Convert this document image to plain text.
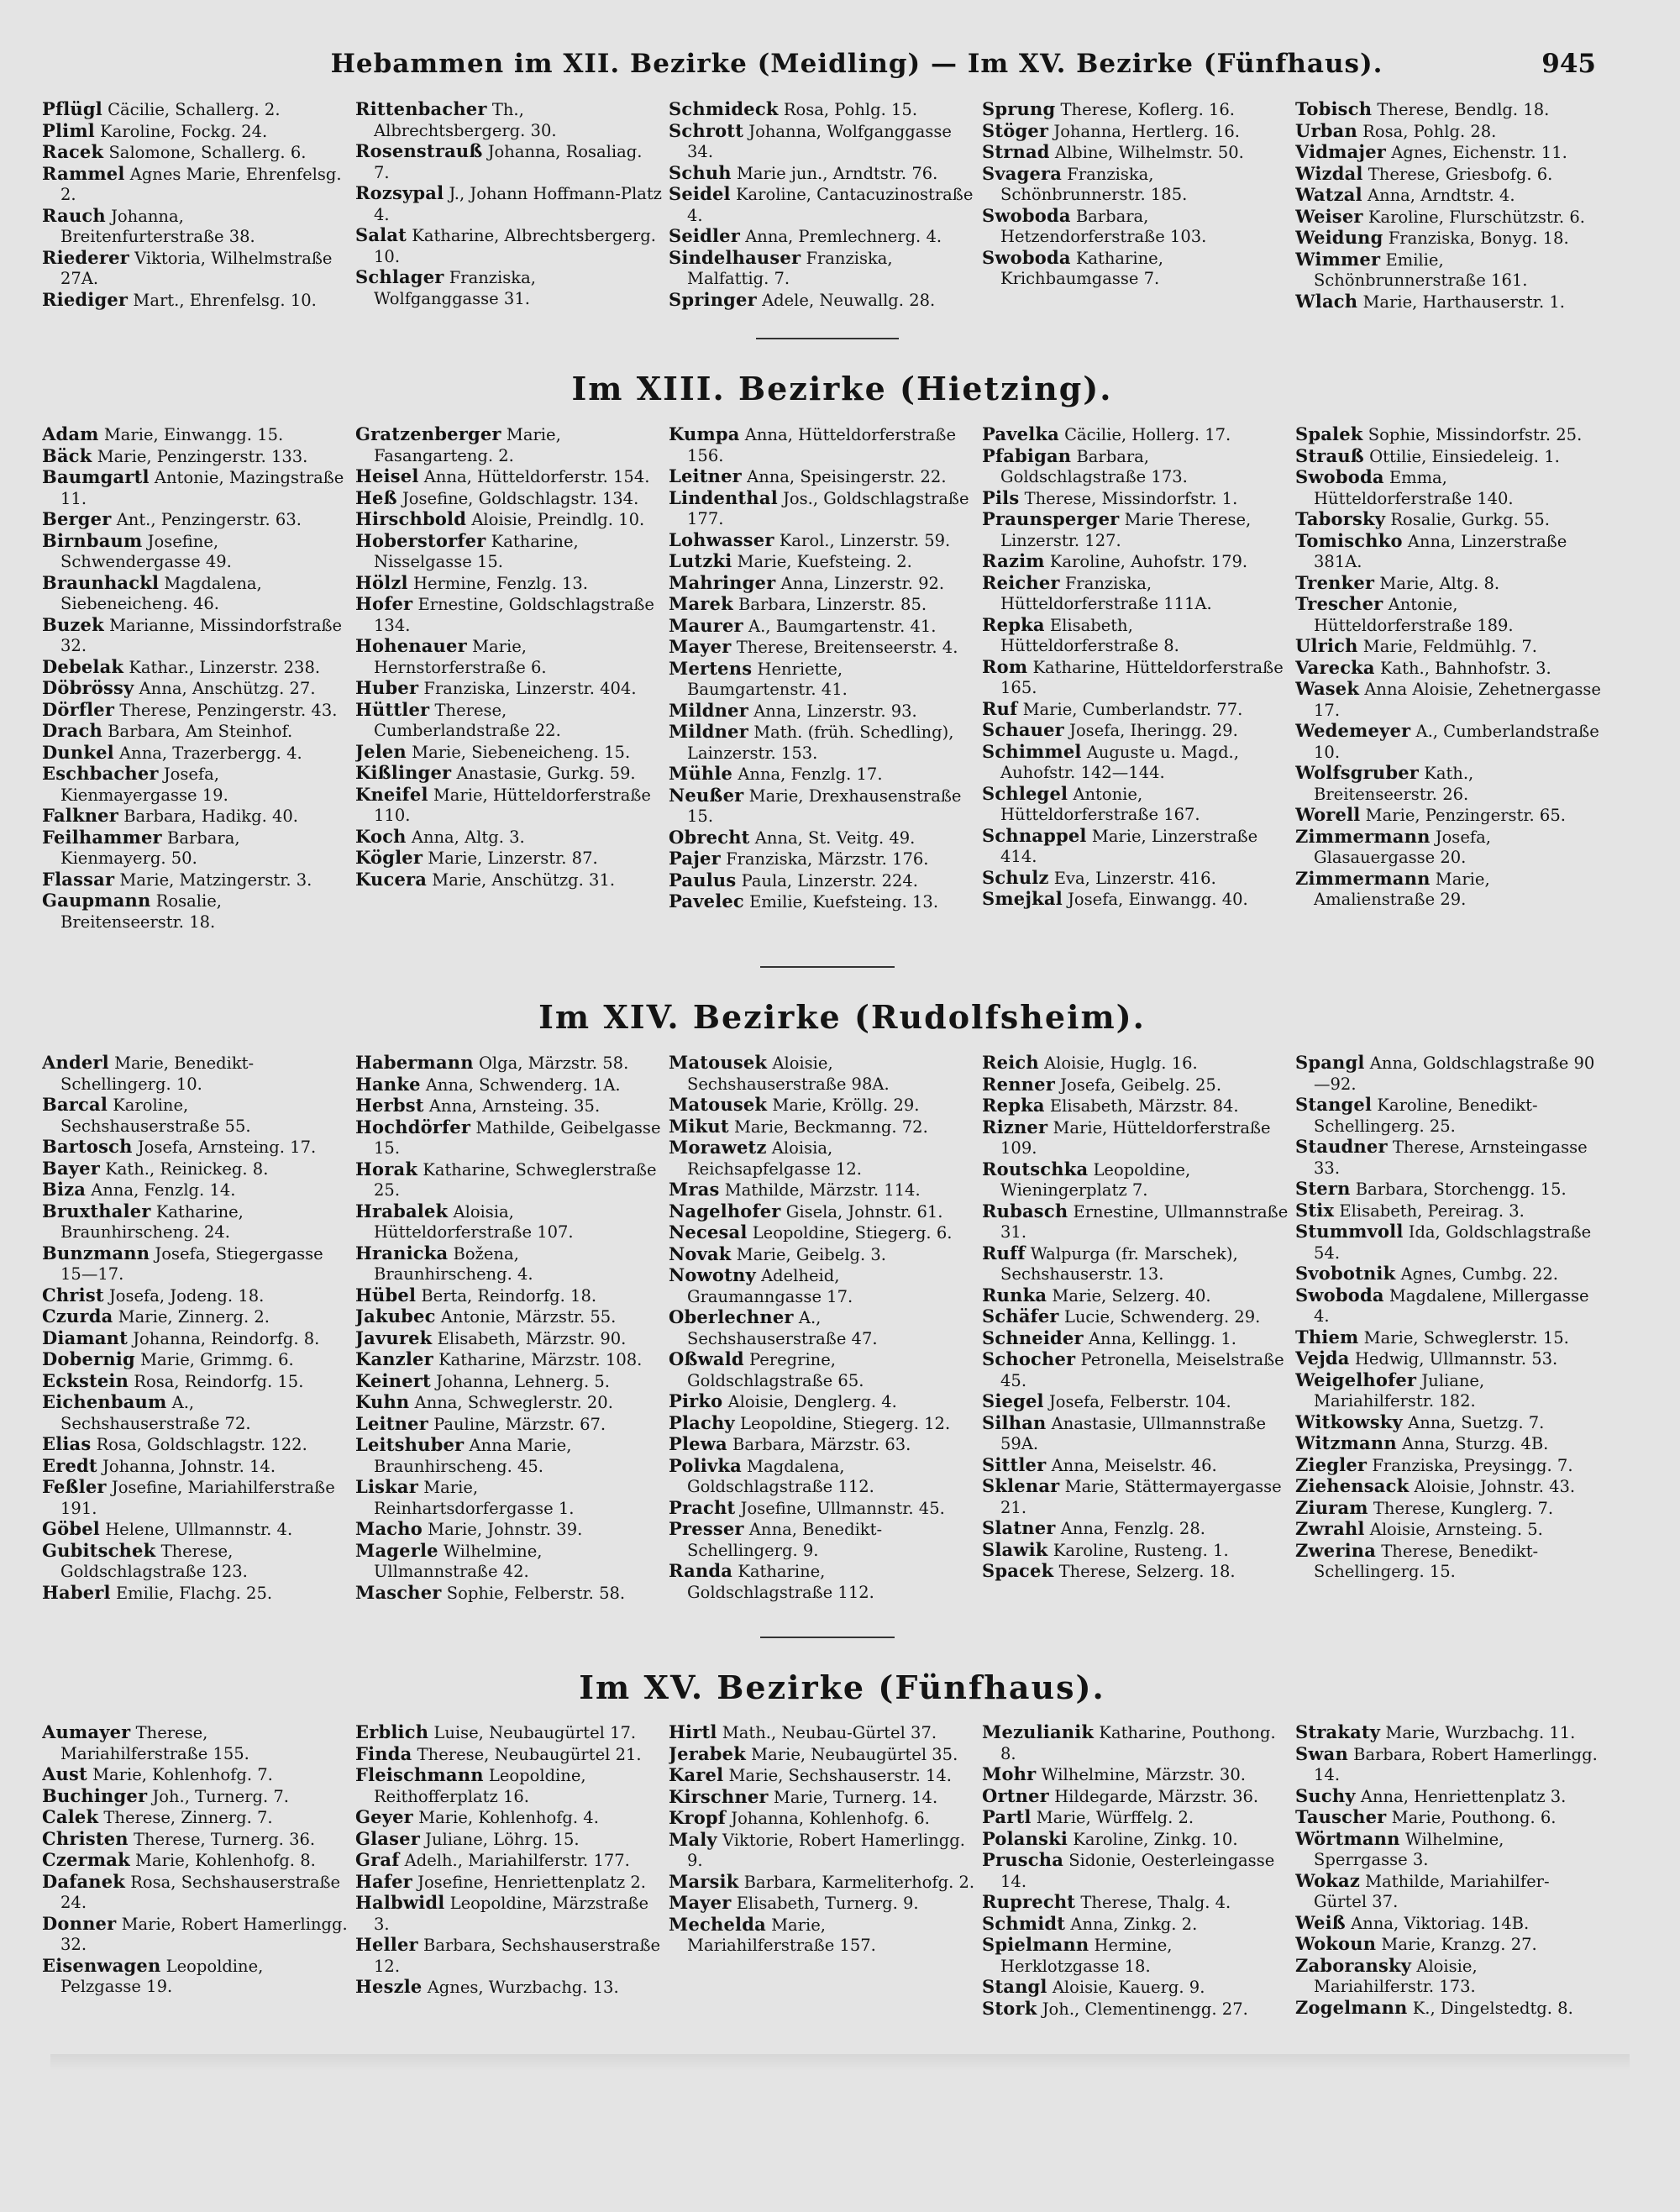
Hebammen im XII. Bezirke (Meidling) — Im XV. Bezirke (Fünfhaus).	945
Pflügl Cäcilie, Schallerg. 2.
Pliml Karoline, Fockg. 24.
Racek Salomone, Schallerg. 6.
Rammel Agnes Marie, Ehrenfelsg. 2.
Rauch Johanna, Breitenfurterstraße 38.
Riederer Viktoria, Wilhelmstraße 27A.
Riediger Mart., Ehrenfelsg. 10.
Rittenbacher Th., Albrechtsbergerg. 30.
Rosenstrauß Johanna, Rosaliag. 7.
Rozsypal J., Johann Hoffmann-Platz 4.
Salat Katharine, Albrechtsbergerg. 10.
Schlager Franziska, Wolfganggasse 31.
Schmideck Rosa, Pohlg. 15.
Schrott Johanna, Wolfganggasse 34.
Schuh Marie jun., Arndtstr. 76.
Seidel Karoline, Cantacuzinostraße 4.
Seidler Anna, Premlechnerg. 4.
Sindelhauser Franziska, Malfattig. 7.
Springer Adele, Neuwallg. 28.
Sprung Therese, Koflerg. 16.
Stöger Johanna, Hertlerg. 16.
Strnad Albine, Wilhelmstr. 50.
Svagera Franziska, Schönbrunnerstr. 185.
Swoboda Barbara, Hetzendorferstraße 103.
Swoboda Katharine, Krichbaumgasse 7.
Tobisch Therese, Bendlg. 18.
Urban Rosa, Pohlg. 28.
Vidmajer Agnes, Eichenstr. 11.
Wizdal Therese, Griesbofg. 6.
Watzal Anna, Arndtstr. 4.
Weiser Karoline, Flurschützstr. 6.
Weidung Franziska, Bonyg. 18.
Wimmer Emilie, Schönbrunnerstraße 161.
Wlach Marie, Harthauserstr. 1.
Im XIII. Bezirke (Hietzing).
Adam Marie, Einwangg. 15.
Bäck Marie, Penzingerstr. 133.
Baumgartl Antonie, Mazingstraße 11.
Berger Ant., Penzingerstr. 63.
Birnbaum Josefine, Schwendergasse 49.
Braunhackl Magdalena, Siebeneicheng. 46.
Buzek Marianne, Missindorfstraße 32.
Debelak Kathar., Linzerstr. 238.
Döbrössy Anna, Anschützg. 27.
Dörfler Therese, Penzingerstr. 43.
Drach Barbara, Am Steinhof.
Dunkel Anna, Trazerbergg. 4.
Eschbacher Josefa, Kienmayergasse 19.
Falkner Barbara, Hadikg. 40.
Feilhammer Barbara, Kienmayerg. 50.
Flassar Marie, Matzingerstr. 3.
Gaupmann Rosalie, Breitenseerstr. 18.
Gratzenberger Marie, Fasangarteng. 2.
Heisel Anna, Hütteldorferstr. 154.
Heß Josefine, Goldschlagstr. 134.
Hirschbold Aloisie, Preindlg. 10.
Hoberstorfer Katharine, Nisselgasse 15.
Hölzl Hermine, Fenzlg. 13.
Hofer Ernestine, Goldschlagstraße 134.
Hohenauer Marie, Hernstorferstraße 6.
Huber Franziska, Linzerstr. 404.
Hüttler Therese, Cumberlandstraße 22.
Jelen Marie, Siebeneicheng. 15.
Kißlinger Anastasie, Gurkg. 59.
Kneifel Marie, Hütteldorferstraße 110.
Koch Anna, Altg. 3.
Kögler Marie, Linzerstr. 87.
Kucera Marie, Anschützg. 31.
Kumpa Anna, Hütteldorferstraße 156.
Leitner Anna, Speisingerstr. 22.
Lindenthal Jos., Goldschlagstraße 177.
Lohwasser Karol., Linzerstr. 59.
Lutzki Marie, Kuefsteing. 2.
Mahringer Anna, Linzerstr. 92.
Marek Barbara, Linzerstr. 85.
Maurer A., Baumgartenstr. 41.
Mayer Therese, Breitenseerstr. 4.
Mertens Henriette, Baumgartenstr. 41.
Mildner Anna, Linzerstr. 93.
Mildner Math. (früh. Schedling), Lainzerstr. 153.
Mühle Anna, Fenzlg. 17.
Neußer Marie, Drexhausenstraße 15.
Obrecht Anna, St. Veitg. 49.
Pajer Franziska, Märzstr. 176.
Paulus Paula, Linzerstr. 224.
Pavelec Emilie, Kuefsteing. 13.
Pavelka Cäcilie, Hollerg. 17.
Pfabigan Barbara, Goldschlagstraße 173.
Pils Therese, Missindorfstr. 1.
Praunsperger Marie Therese, Linzerstr. 127.
Razim Karoline, Auhofstr. 179.
Reicher Franziska, Hütteldorferstraße 111A.
Repka Elisabeth, Hütteldorferstraße 8.
Rom Katharine, Hütteldorferstraße 165.
Ruf Marie, Cumberlandstr. 77.
Schauer Josefa, Iheringg. 29.
Schimmel Auguste u. Magd., Auhofstr. 142—144.
Schlegel Antonie, Hütteldorferstraße 167.
Schnappel Marie, Linzerstraße 414.
Schulz Eva, Linzerstr. 416.
Smejkal Josefa, Einwangg. 40.
Spalek Sophie, Missindorfstr. 25.
Strauß Ottilie, Einsiedeleig. 1.
Swoboda Emma, Hütteldorferstraße 140.
Taborsky Rosalie, Gurkg. 55.
Tomischko Anna, Linzerstraße 381A.
Trenker Marie, Altg. 8.
Trescher Antonie, Hütteldorferstraße 189.
Ulrich Marie, Feldmühlg. 7.
Varecka Kath., Bahnhofstr. 3.
Wasek Anna Aloisie, Zehetnergasse 17.
Wedemeyer A., Cumberlandstraße 10.
Wolfsgruber Kath., Breitenseerstr. 26.
Worell Marie, Penzingerstr. 65.
Zimmermann Josefa, Glasauergasse 20.
Zimmermann Marie, Amalienstraße 29.
Im XIV. Bezirke (Rudolfsheim).
Anderl Marie, Benedikt-Schellingerg. 10.
Barcal Karoline, Sechshauserstraße 55.
Bartosch Josefa, Arnsteing. 17.
Bayer Kath., Reinickeg. 8.
Biza Anna, Fenzlg. 14.
Bruxthaler Katharine, Braunhirscheng. 24.
Bunzmann Josefa, Stiegergasse 15—17.
Christ Josefa, Jodeng. 18.
Czurda Marie, Zinnerg. 2.
Diamant Johanna, Reindorfg. 8.
Dobernig Marie, Grimmg. 6.
Eckstein Rosa, Reindorfg. 15.
Eichenbaum A., Sechshauserstraße 72.
Elias Rosa, Goldschlagstr. 122.
Eredt Johanna, Johnstr. 14.
Feßler Josefine, Mariahilferstraße 191.
Göbel Helene, Ullmannstr. 4.
Gubitschek Therese, Goldschlagstraße 123.
Haberl Emilie, Flachg. 25.
Habermann Olga, Märzstr. 58.
Hanke Anna, Schwenderg. 1A.
Herbst Anna, Arnsteing. 35.
Hochdörfer Mathilde, Geibelgasse 15.
Horak Katharine, Schweglerstraße 25.
Hrabalek Aloisia, Hütteldorferstraße 107.
Hranicka Božena, Braunhirscheng. 4.
Hübel Berta, Reindorfg. 18.
Jakubec Antonie, Märzstr. 55.
Javurek Elisabeth, Märzstr. 90.
Kanzler Katharine, Märzstr. 108.
Keinert Johanna, Lehnerg. 5.
Kuhn Anna, Schweglerstr. 20.
Leitner Pauline, Märzstr. 67.
Leitshuber Anna Marie, Braunhirscheng. 45.
Liskar Marie, Reinhartsdorfergasse 1.
Macho Marie, Johnstr. 39.
Magerle Wilhelmine, Ullmannstraße 42.
Mascher Sophie, Felberstr. 58.
Matousek Aloisie, Sechshauserstraße 98A.
Matousek Marie, Kröllg. 29.
Mikut Marie, Beckmanng. 72.
Morawetz Aloisia, Reichsapfelgasse 12.
Mras Mathilde, Märzstr. 114.
Nagelhofer Gisela, Johnstr. 61.
Necesal Leopoldine, Stiegerg. 6.
Novak Marie, Geibelg. 3.
Nowotny Adelheid, Graumanngasse 17.
Oberlechner A., Sechshauserstraße 47.
Oßwald Peregrine, Goldschlagstraße 65.
Pirko Aloisie, Denglerg. 4.
Plachy Leopoldine, Stiegerg. 12.
Plewa Barbara, Märzstr. 63.
Polivka Magdalena, Goldschlagstraße 112.
Pracht Josefine, Ullmannstr. 45.
Presser Anna, Benedikt-Schellingerg. 9.
Randa Katharine, Goldschlagstraße 112.
Reich Aloisie, Huglg. 16.
Renner Josefa, Geibelg. 25.
Repka Elisabeth, Märzstr. 84.
Rizner Marie, Hütteldorferstraße 109.
Routschka Leopoldine, Wieningerplatz 7.
Rubasch Ernestine, Ullmannstraße 31.
Ruff Walpurga (fr. Marschek), Sechshauserstr. 13.
Runka Marie, Selzerg. 40.
Schäfer Lucie, Schwenderg. 29.
Schneider Anna, Kellingg. 1.
Schocher Petronella, Meiselstraße 45.
Siegel Josefa, Felberstr. 104.
Silhan Anastasie, Ullmannstraße 59A.
Sittler Anna, Meiselstr. 46.
Sklenar Marie, Stättermayergasse 21.
Slatner Anna, Fenzlg. 28.
Slawik Karoline, Rusteng. 1.
Spacek Therese, Selzerg. 18.
Spangl Anna, Goldschlagstraße 90—92.
Stangel Karoline, Benedikt-Schellingerg. 25.
Staudner Therese, Arnsteingasse 33.
Stern Barbara, Storchengg. 15.
Stix Elisabeth, Pereirag. 3.
Stummvoll Ida, Goldschlagstraße 54.
Svobotnik Agnes, Cumbg. 22.
Swoboda Magdalene, Millergasse 4.
Thiem Marie, Schweglerstr. 15.
Vejda Hedwig, Ullmannstr. 53.
Weigelhofer Juliane, Mariahilferstr. 182.
Witkowsky Anna, Suetzg. 7.
Witzmann Anna, Sturzg. 4B.
Ziegler Franziska, Preysingg. 7.
Ziehensack Aloisie, Johnstr. 43.
Ziuram Therese, Kunglerg. 7.
Zwrahl Aloisie, Arnsteing. 5.
Zwerina Therese, Benedikt-Schellingerg. 15.
Im XV. Bezirke (Fünfhaus).
Aumayer Therese, Mariahilferstraße 155.
Aust Marie, Kohlenhofg. 7.
Buchinger Joh., Turnerg. 7.
Calek Therese, Zinnerg. 7.
Christen Therese, Turnerg. 36.
Czermak Marie, Kohlenhofg. 8.
Dafanek Rosa, Sechshauserstraße 24.
Donner Marie, Robert Hamerlingg. 32.
Eisenwagen Leopoldine, Pelzgasse 19.
Erblich Luise, Neubaugürtel 17.
Finda Therese, Neubaugürtel 21.
Fleischmann Leopoldine, Reithofferplatz 16.
Geyer Marie, Kohlenhofg. 4.
Glaser Juliane, Löhrg. 15.
Graf Adelh., Mariahilferstr. 177.
Hafer Josefine, Henriettenplatz 2.
Halbwidl Leopoldine, Märzstraße 3.
Heller Barbara, Sechshauserstraße 12.
Heszle Agnes, Wurzbachg. 13.
Hirtl Math., Neubau-Gürtel 37.
Jerabek Marie, Neubaugürtel 35.
Karel Marie, Sechshauserstr. 14.
Kirschner Marie, Turnerg. 14.
Kropf Johanna, Kohlenhofg. 6.
Maly Viktorie, Robert Hamerlingg. 9.
Marsik Barbara, Karmeliterhofg. 2.
Mayer Elisabeth, Turnerg. 9.
Mechelda Marie, Mariahilferstraße 157.
Mezulianik Katharine, Pouthong. 8.
Mohr Wilhelmine, Märzstr. 30.
Ortner Hildegarde, Märzstr. 36.
Partl Marie, Würffelg. 2.
Polanski Karoline, Zinkg. 10.
Pruscha Sidonie, Oesterleingasse 14.
Ruprecht Therese, Thalg. 4.
Schmidt Anna, Zinkg. 2.
Spielmann Hermine, Herklotzgasse 18.
Stangl Aloisie, Kauerg. 9.
Stork Joh., Clementinengg. 27.
Strakaty Marie, Wurzbachg. 11.
Swan Barbara, Robert Hamerlingg. 14.
Suchy Anna, Henriettenplatz 3.
Tauscher Marie, Pouthong. 6.
Wörtmann Wilhelmine, Sperrgasse 3.
Wokaz Mathilde, Mariahilfer-Gürtel 37.
Weiß Anna, Viktoriag. 14B.
Wokoun Marie, Kranzg. 27.
Zaboransky Aloisie, Mariahilferstr. 173.
Zogelmann K., Dingelstedtg. 8.
